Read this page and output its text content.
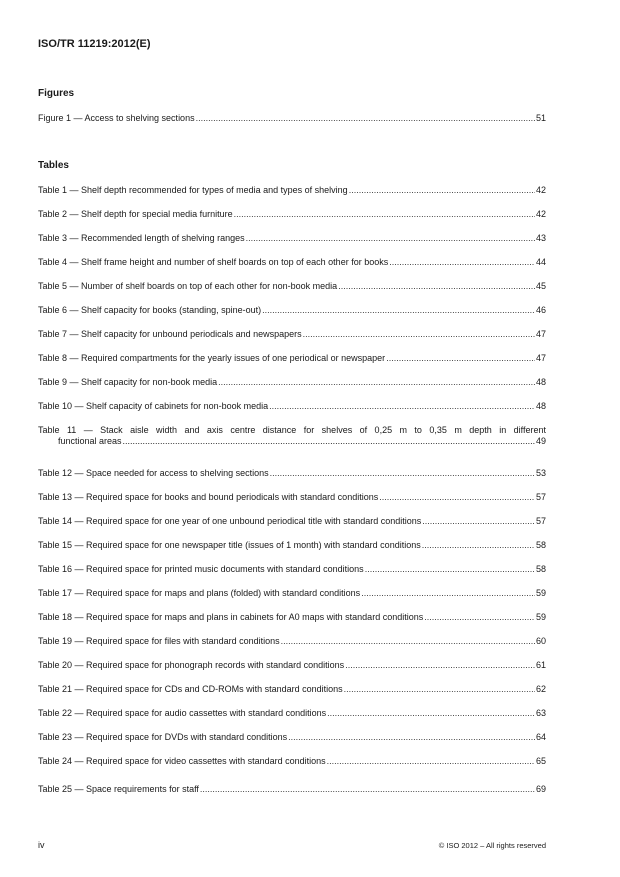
ISO/TR 11219:2012(E)
Figures
Figure 1 — Access to shelving sections .....	51
Tables
Table 1 — Shelf depth recommended for types of media and types of shelving .....	42
Table 2 — Shelf depth for special media furniture .....	42
Table 3 — Recommended length of shelving ranges .....	43
Table 4 — Shelf frame height and number of shelf boards on top of each other for books .....	44
Table 5 — Number of shelf boards on top of each other for non-book media .....	45
Table 6 — Shelf capacity for books (standing, spine-out) .....	46
Table 7 — Shelf capacity for unbound periodicals and newspapers .....	47
Table 8 — Required compartments for the yearly issues of one periodical or newspaper .....	47
Table 9 — Shelf capacity for non-book media .....	48
Table 10 — Shelf capacity of cabinets for non-book media .....	48
Table 11 — Stack aisle width and axis centre distance for shelves of 0,25 m to 0,35 m depth in different
functional areas .....	49
Table 12 — Space needed for access to shelving sections .....	53
Table 13 — Required space for books and bound periodicals with standard conditions .....	57
Table 14 — Required space for one year of one unbound periodical title with standard conditions .....	57
Table 15 — Required space for one newspaper title (issues of 1 month) with standard conditions .....	58
Table 16 — Required space for printed music documents with standard conditions .....	58
Table 17 — Required space for maps and plans (folded) with standard conditions .....	59
Table 18 — Required space for maps and plans in cabinets for A0 maps with standard conditions .....	59
Table 19 — Required space for files with standard conditions .....	60
Table 20 — Required space for phonograph records with standard conditions .....	61
Table 21 — Required space for CDs and CD-ROMs with standard conditions .....	62
Table 22 — Required space for audio cassettes with standard conditions .....	63
Table 23 — Required space for DVDs with standard conditions .....	64
Table 24 — Required space for video cassettes with standard conditions .....	65
Table 25 — Space requirements for staff .....	69
iv	© ISO 2012 – All rights reserved
